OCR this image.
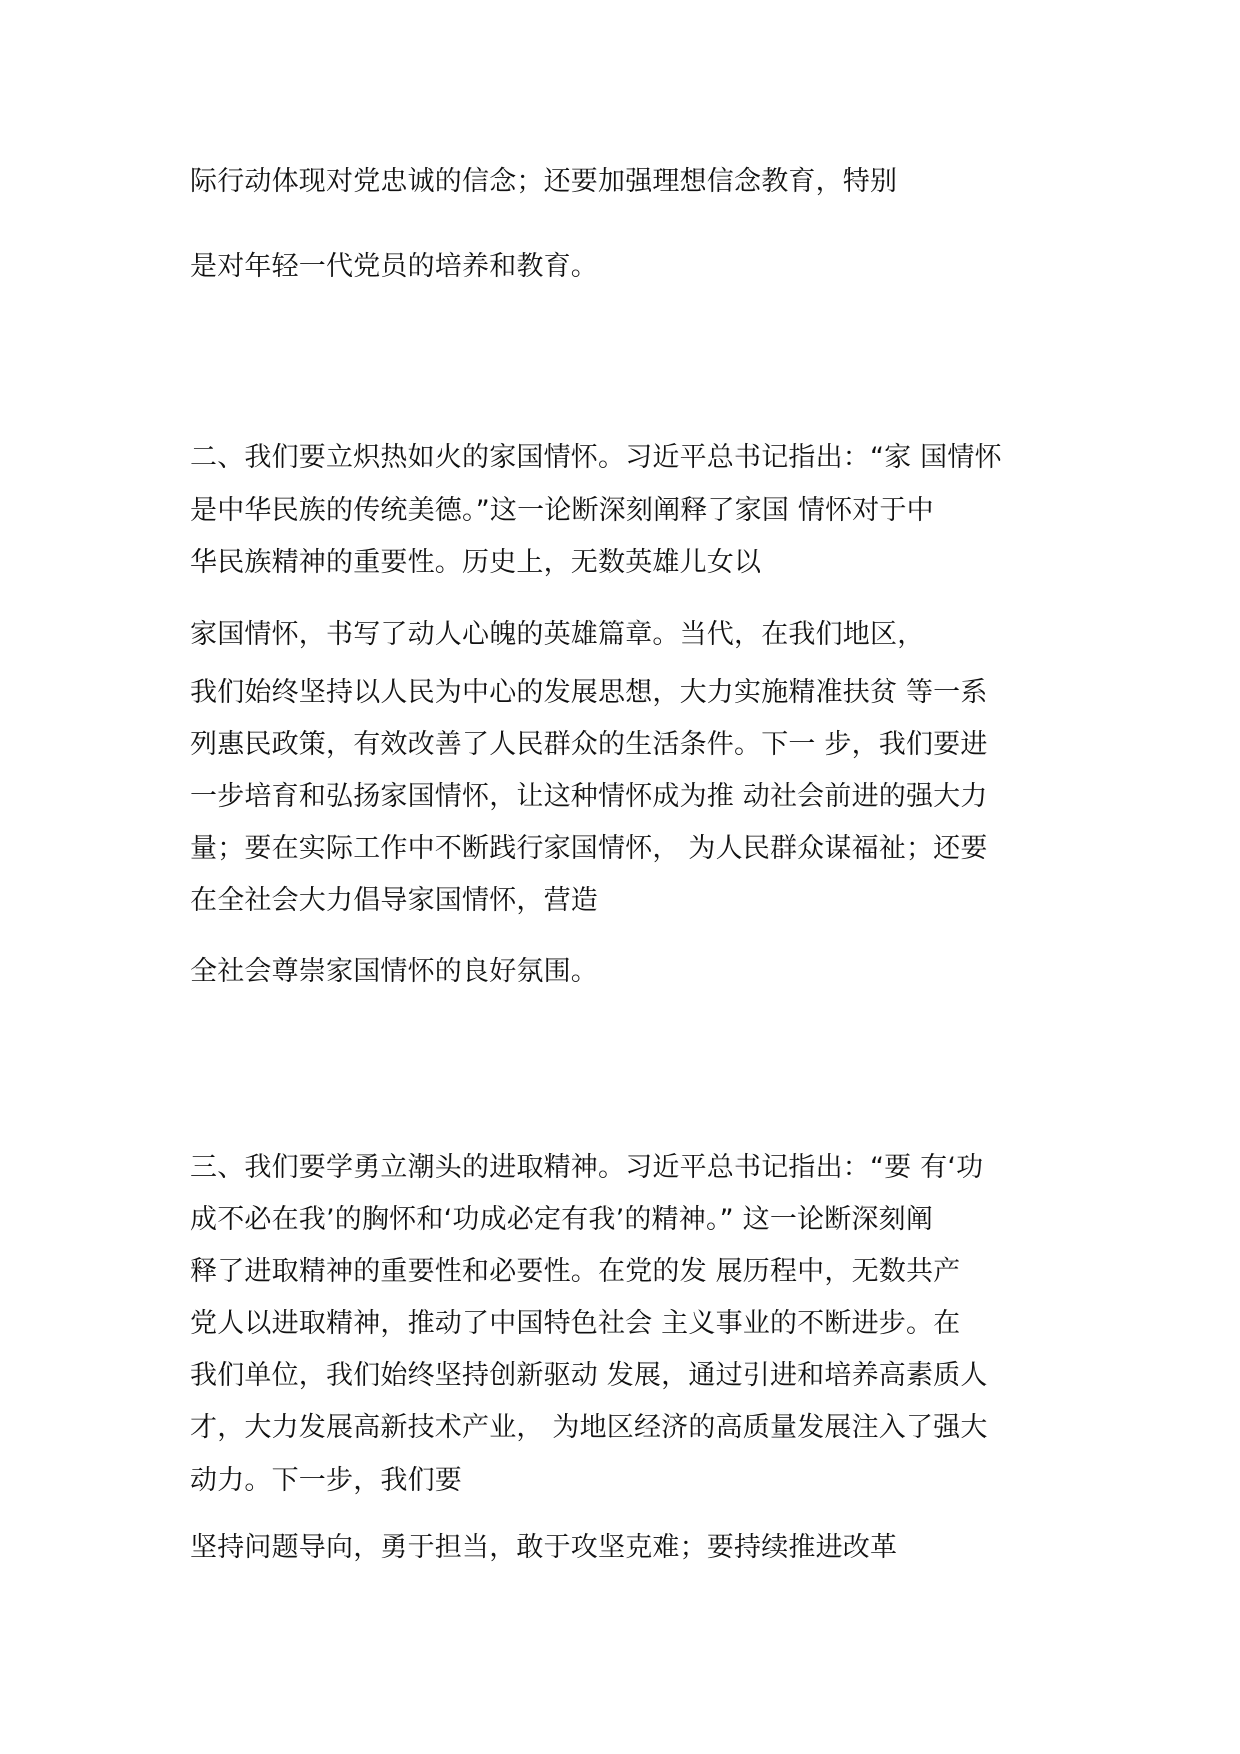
际行动体现对党忠诚的信念；还要加强理想信念教育，特别
是对年轻一代党员的培养和教育。
二、我们要立炽热如火的家国情怀。习近平总书记指出：“家 国情怀
是中华民族的传统美德。”这一论断深刻阐释了家国 情怀对于中
华民族精神的重要性。历史上，无数英雄儿女以
家国情怀，书写了动人心魄的英雄篇章。当代，在我们地区，
我们始终坚持以人民为中心的发展思想，大力实施精准扶贫 等一系
列惠民政策，有效改善了人民群众的生活条件。下一 步，我们要进
一步培育和弘扬家国情怀，让这种情怀成为推 动社会前进的强大力
量；要在实际工作中不断践行家国情怀， 为人民群众谋福祉；还要
在全社会大力倡导家国情怀，营造
全社会尊崇家国情怀的良好氛围。
三、我们要学勇立潮头的进取精神。习近平总书记指出：“要 有‘功
成不必在我’的胸怀和‘功成必定有我’的精神。” 这一论断深刻阐
释了进取精神的重要性和必要性。在党的发 展历程中，无数共产
党人以进取精神，推动了中国特色社会 主义事业的不断进步。在
我们单位，我们始终坚持创新驱动 发展，通过引进和培养高素质人
才，大力发展高新技术产业， 为地区经济的高质量发展注入了强大
动力。下一步，我们要
坚持问题导向，勇于担当，敢于攻坚克难；要持续推进改革
